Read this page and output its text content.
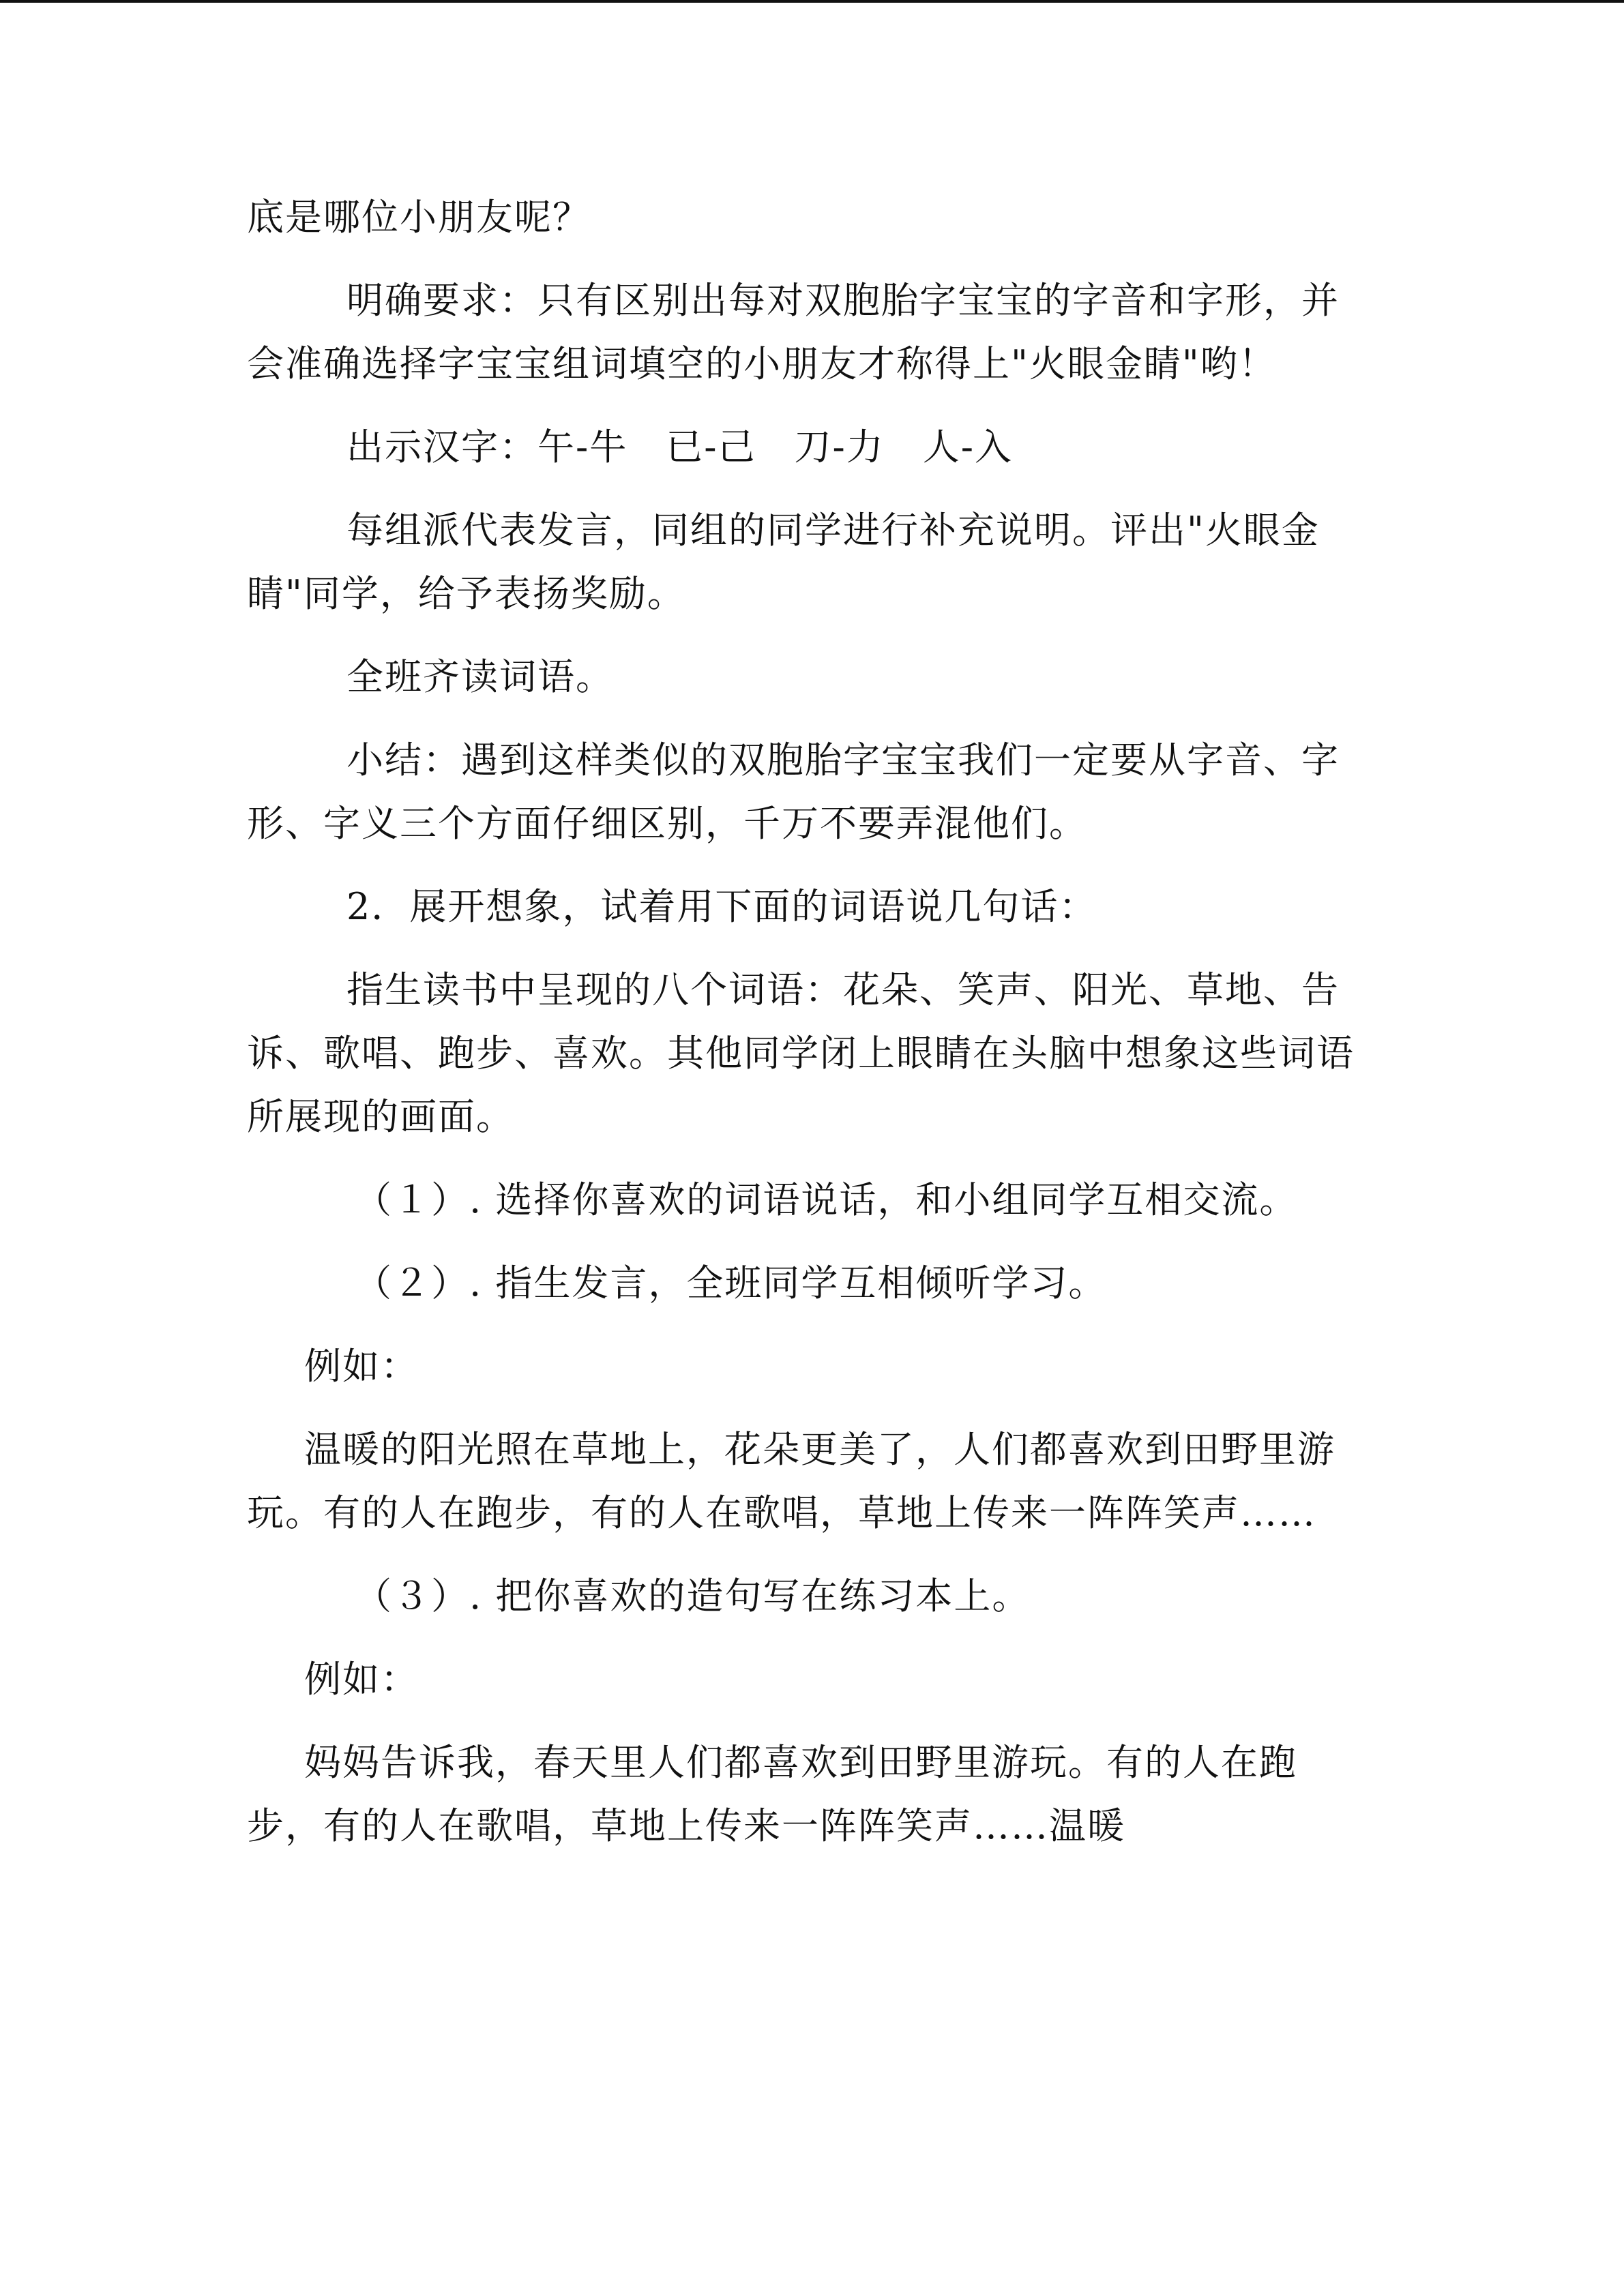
底是哪位小朋友呢？

明确要求：只有区别出每对双胞胎字宝宝的字音和字形，并会准确选择字宝宝组词填空的小朋友才称得上"火眼金睛"哟！

出示汉字：午-牛　已-己　刀-力　人-入

每组派代表发言，同组的同学进行补充说明。评出"火眼金睛"同学，给予表扬奖励。

全班齐读词语。

小结：遇到这样类似的双胞胎字宝宝我们一定要从字音、字形、字义三个方面仔细区别，千万不要弄混他们。

2．展开想象，试着用下面的词语说几句话：

指生读书中呈现的八个词语：花朵、笑声、阳光、草地、告诉、歌唱、跑步、喜欢。其他同学闭上眼睛在头脑中想象这些词语所展现的画面。

（１）. 选择你喜欢的词语说话，和小组同学互相交流。

（２）. 指生发言，全班同学互相倾听学习。

例如：

温暖的阳光照在草地上，花朵更美了，人们都喜欢到田野里游玩。有的人在跑步，有的人在歌唱，草地上传来一阵阵笑声……

（３）. 把你喜欢的造句写在练习本上。

例如：

妈妈告诉我，春天里人们都喜欢到田野里游玩。有的人在跑步，有的人在歌唱，草地上传来一阵阵笑声……温暖
